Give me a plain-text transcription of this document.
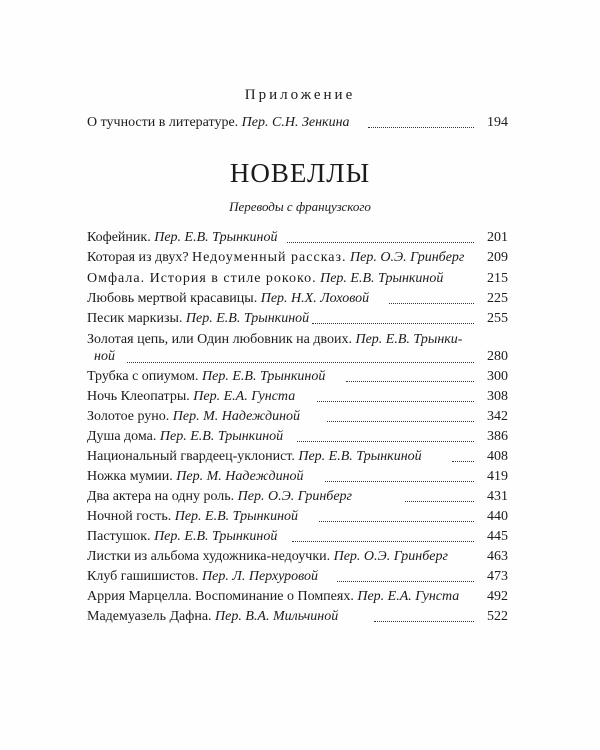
Приложение
О тучности в литературе. Пер. С.Н. Зенкина	194
НОВЕЛЛЫ
Переводы с французского
Кофейник. Пер. Е.В. Трынкиной	201
Которая из двух? Недоуменный рассказ. Пер. О.Э. Гринберг 209
Омфала. История в стиле рококо. Пер. Е.В. Трынкиной	215
Любовь мертвой красавицы. Пер. Н.Х. Лоховой	225
Песик маркизы. Пер. Е.В. Трынкиной	255
Золотая цепь, или Один любовник на двоих. Пер. Е.В. Трынки-
ной	280
Трубка с опиумом. Пер. Е.В. Трынкиной	300
Ночь Клеопатры. Пер. Е.А. Гунста	308
Золотое руно. Пер. М. Надеждиной	342
Душа дома. Пер. Е.В. Трынкиной	386
Национальный гвардеец-уклонист. Пер. Е.В. Трынкиной	408
Ножка мумии. Пер. М. Надеждиной	419
Два актера на одну роль. Пер. О.Э. Гринберг	431
Ночной гость. Пер. Е.В. Трынкиной	440
Пастушок. Пер. Е.В. Трынкиной	445
Листки из альбома художника-недоучки. Пер. О.Э. Гринберг	463
Клуб гашишистов. Пер. Л. Перхуровой	473
Аррия Марцелла. Воспоминание о Помпеях. Пер. Е.А. Гунста 492
Мадемуазель Дафна. Пер. В.А. Мильчиной	522
